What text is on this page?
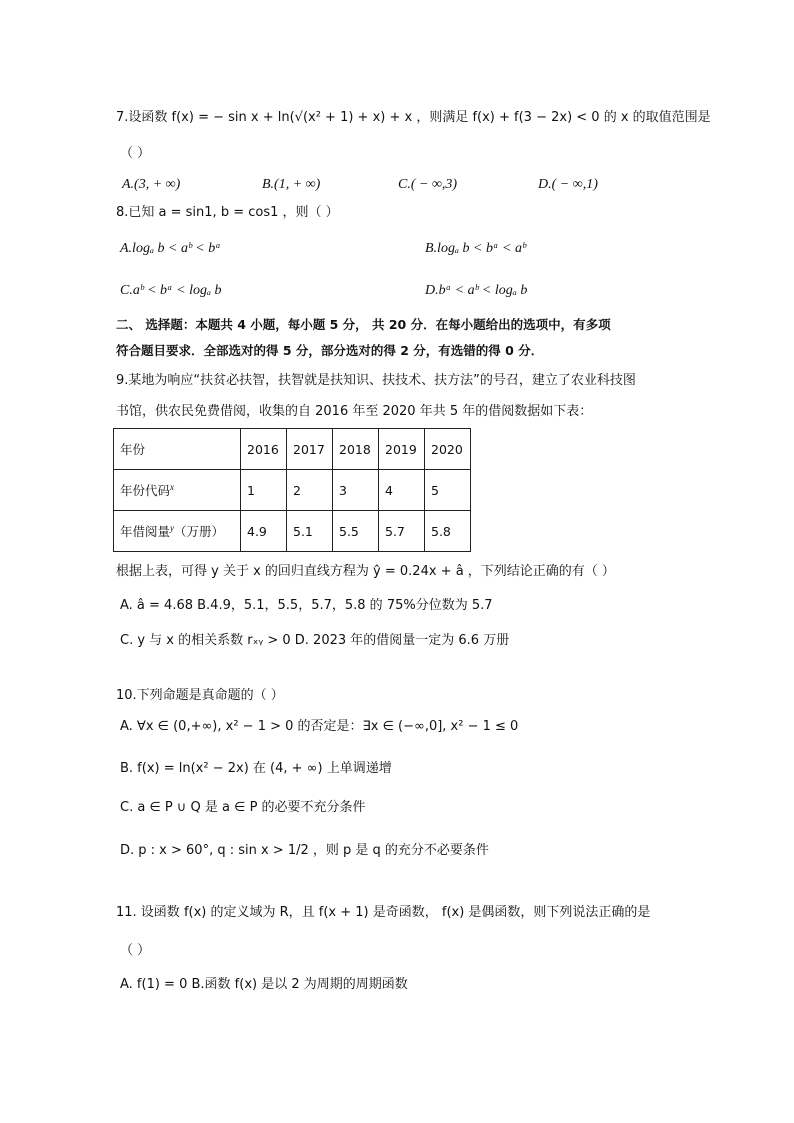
7.设函数 f(x) = − sin x + ln(√(x² + 1) + x) + x ，则满足 f(x) + f(3 − 2x) < 0 的 x 的取值范围是
（ ）
A.(3, + ∞)	B.(1, + ∞)	C.( − ∞,3)	D.( − ∞,1)
8.已知 a = sin1, b = cos1 ，则（ ）
A.logₐ b < aᵇ < bᵃ	B.logₐ b < bᵃ < aᵇ
C.aᵇ < bᵃ < logₐ b	D.bᵃ < aᵇ < logₐ b
二、 选择题：本题共 4 小题，每小题 5 分， 共 20 分．在每小题给出的选项中，有多项
符合题目要求．全部选对的得 5 分，部分选对的得 2 分，有选错的得 0 分．
9.某地为响应“扶贫必扶智，扶智就是扶知识、扶技术、扶方法”的号召，建立了农业科技图
书馆，供农民免费借阅，收集的自 2016 年至 2020 年共 5 年的借阅数据如下表：
年份	2016	2017	2018	2019	2020
年份代码$^x$	1	2	3	4	5
年借阅量$^y$（万册）	4.9	5.1	5.5	5.7	5.8
根据上表，可得 y 关于 x 的回归直线方程为 ŷ = 0.24x + â ，下列结论正确的有（ ）
A. â = 4.68 B.4.9，5.1，5.5，5.7，5.8 的 75%分位数为 5.7
C. y 与 x 的相关系数 rₓᵧ > 0 D. 2023 年的借阅量一定为 6.6 万册
10.下列命题是真命题的（ ）
A. ∀x ∈ (0,+∞), x² − 1 > 0 的否定是：∃x ∈ (−∞,0], x² − 1 ≤ 0
B. f(x) = ln(x² − 2x) 在 (4, + ∞) 上单调递增
C. a ∈ P ∪ Q 是 a ∈ P 的必要不充分条件
D. p : x > 60°, q : sin x > 1/2 ，则 p 是 q 的充分不必要条件
11. 设函数 f(x) 的定义域为 R，且 f(x + 1) 是奇函数， f(x) 是偶函数，则下列说法正确的是
（ ）
A. f(1) = 0 B.函数 f(x) 是以 2 为周期的周期函数
